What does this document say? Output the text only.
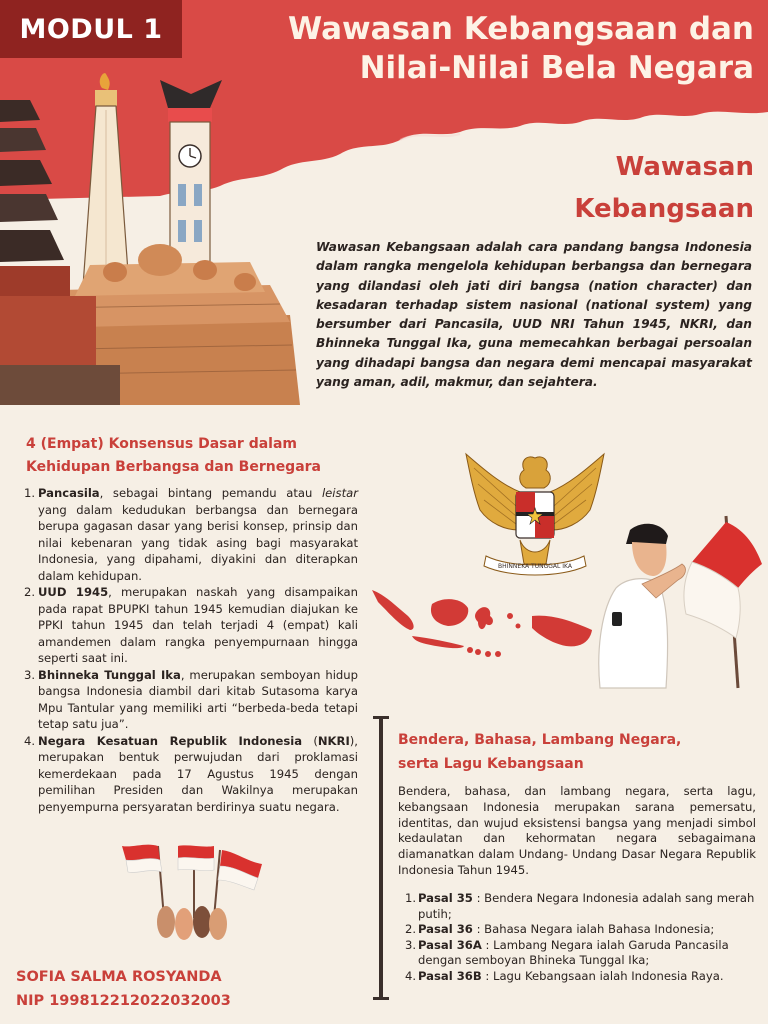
MODUL 1	Wawasan Kebangsaan dan
Nilai-Nilai Bela Negara
Wawasan
Kebangsaan

Wawasan Kebangsaan adalah cara pandang bangsa Indonesia dalam rangka mengelola kehidupan berbangsa dan bernegara yang dilandasi oleh jati diri bangsa (nation character) dan kesadaran terhadap sistem nasional (national system) yang bersumber dari Pancasila, UUD NRI Tahun 1945, NKRI, dan Bhinneka Tunggal Ika, guna memecahkan berbagai persoalan yang dihadapi bangsa dan negara demi mencapai masyarakat yang aman, adil, makmur, dan sejahtera.

4 (Empat) Konsensus Dasar dalam
Kehidupan Berbangsa dan Bernegara
1. Pancasila, sebagai bintang pemandu atau leistar yang dalam kedudukan berbangsa dan bernegara berupa gagasan dasar yang berisi konsep, prinsip dan nilai kebenaran yang tidak asing bagi masyarakat Indonesia, yang dipahami, diyakini dan diterapkan dalam kehidupan.
2. UUD 1945, merupakan naskah yang disampaikan pada rapat BPUPKI tahun 1945 kemudian diajukan ke PPKI tahun 1945 dan telah terjadi 4 (empat) kali amandemen dalam rangka penyempurnaan hingga seperti saat ini.
3. Bhinneka Tunggal Ika, merupakan semboyan hidup bangsa Indonesia diambil dari kitab Sutasoma karya Mpu Tantular yang memiliki arti “berbeda-beda tetapi tetap satu jua”.
4. Negara Kesatuan Republik Indonesia (NKRI), merupakan bentuk perwujudan dari proklamasi kemerdekaan pada 17 Agustus 1945 dengan pemilihan Presiden dan Wakilnya merupakan penyempurna persyaratan berdirinya suatu negara.
BHINNEKA TUNGGAL IKA
Bendera, Bahasa, Lambang Negara,
serta Lagu Kebangsaan

Bendera, bahasa, dan lambang negara, serta lagu, kebangsaan Indonesia merupakan sarana pemersatu, identitas, dan wujud eksistensi bangsa yang menjadi simbol kedaulatan dan kehormatan negara sebagaimana diamanatkan dalam Undang- Undang Dasar Negara Republik Indonesia Tahun 1945.

1. Pasal 35 : Bendera Negara Indonesia adalah sang merah putih;
2. Pasal 36 : Bahasa Negara ialah Bahasa Indonesia;
3. Pasal 36A : Lambang Negara ialah Garuda Pancasila dengan semboyan Bhineka Tunggal Ika;
4. Pasal 36B : Lagu Kebangsaan ialah Indonesia Raya.
SOFIA SALMA ROSYANDA
NIP 199812212022032003
